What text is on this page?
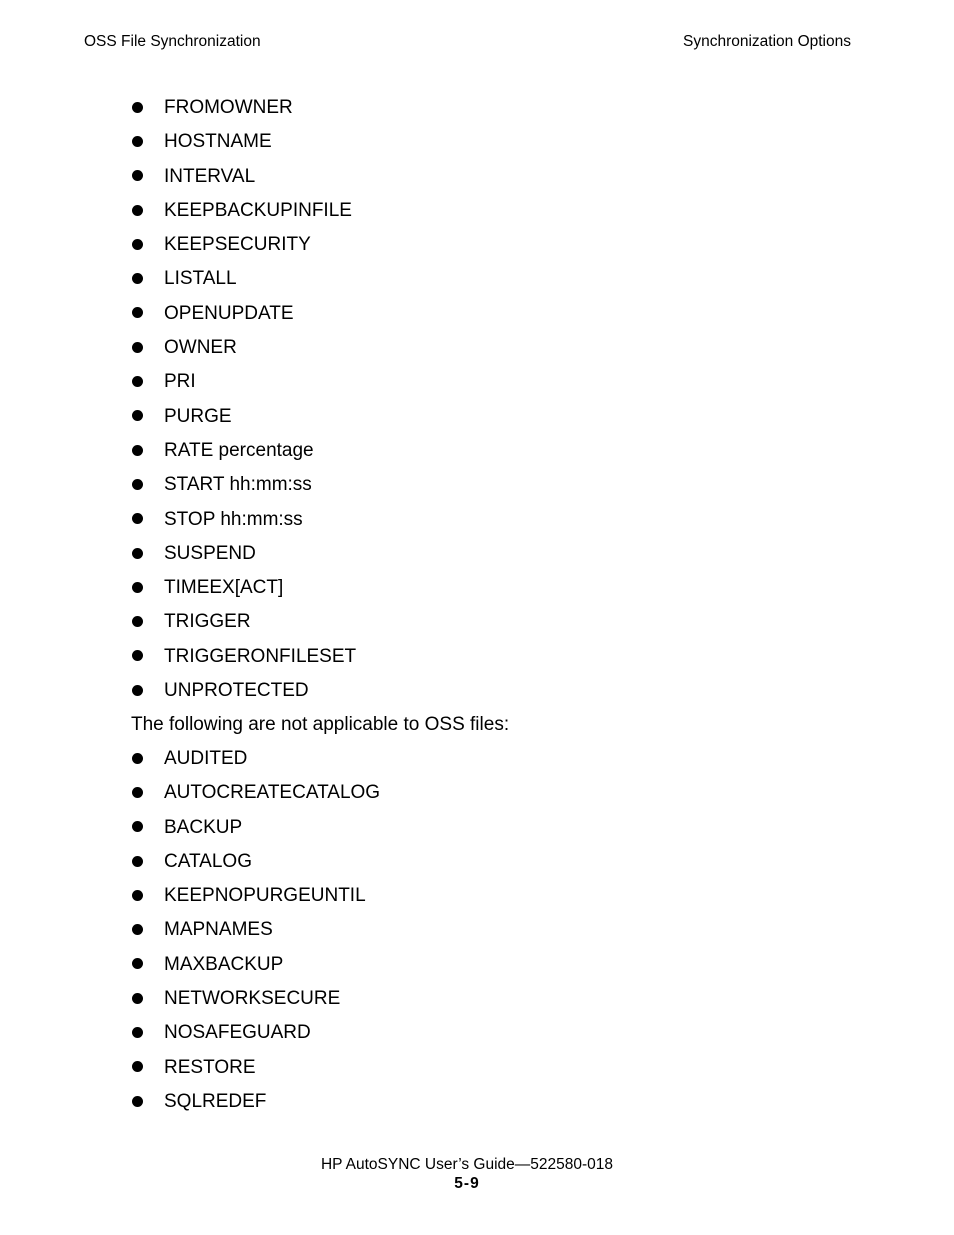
OSS File Synchronization	Synchronization Options
FROMOWNER
HOSTNAME
INTERVAL
KEEPBACKUPINFILE
KEEPSECURITY
LISTALL
OPENUPDATE
OWNER
PRI
PURGE
RATE percentage
START hh:mm:ss
STOP hh:mm:ss
SUSPEND
TIMEEX[ACT]
TRIGGER
TRIGGERONFILESET
UNPROTECTED
The following are not applicable to OSS files:
AUDITED
AUTOCREATECATALOG
BACKUP
CATALOG
KEEPNOPURGEUNTIL
MAPNAMES
MAXBACKUP
NETWORKSECURE
NOSAFEGUARD
RESTORE
SQLREDEF
HP AutoSYNC User’s Guide—522580-018
5-9
